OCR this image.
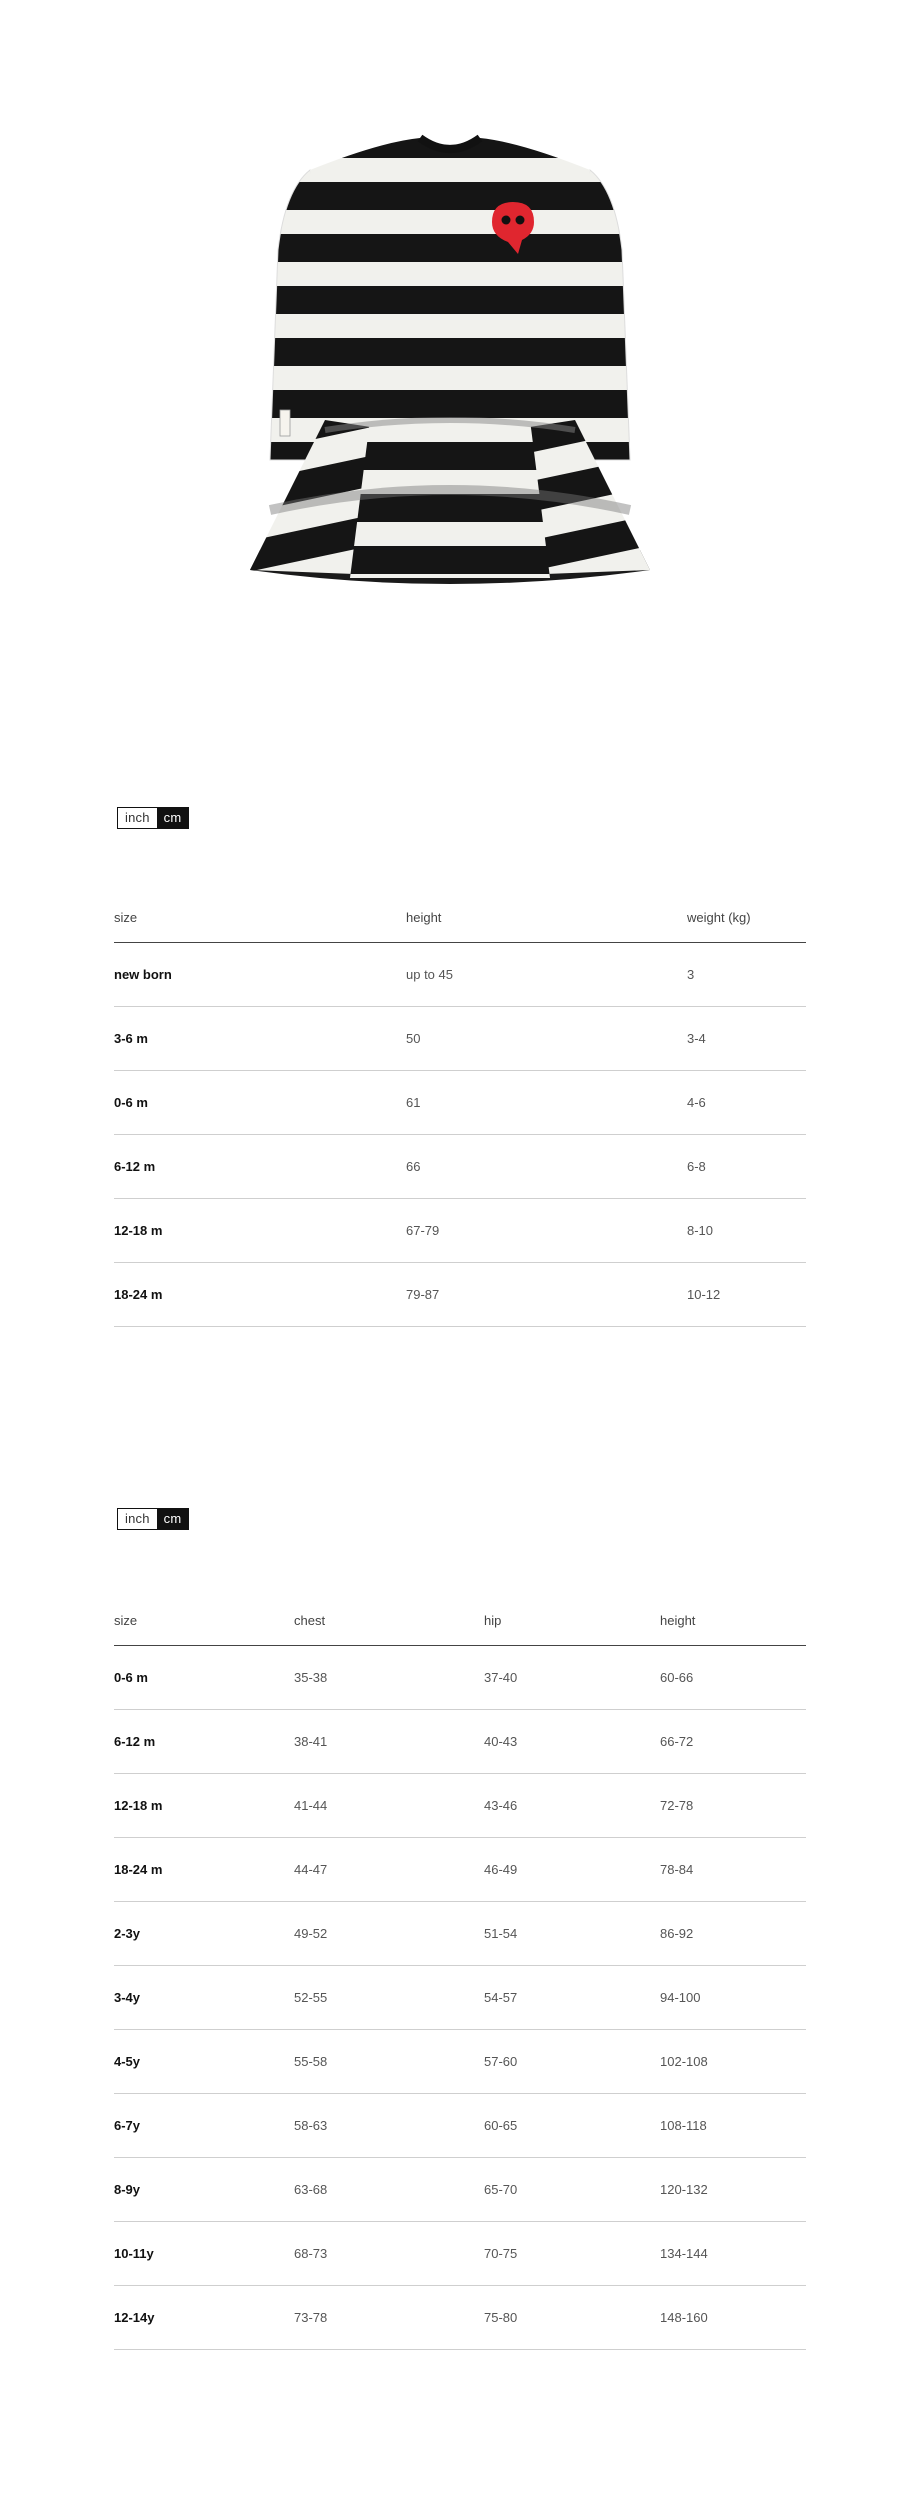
inch	cm
size	height	weight (kg)
new born	up to 45	3
3-6 m	50	3-4
0-6 m	61	4-6
6-12 m	66	6-8
12-18 m	67-79	8-10
18-24 m	79-87	10-12
inch	cm
size	chest	hip	height
0-6 m	35-38	37-40	60-66
6-12 m	38-41	40-43	66-72
12-18 m	41-44	43-46	72-78
18-24 m	44-47	46-49	78-84
2-3y	49-52	51-54	86-92
3-4y	52-55	54-57	94-100
4-5y	55-58	57-60	102-108
6-7y	58-63	60-65	108-118
8-9y	63-68	65-70	120-132
10-11y	68-73	70-75	134-144
12-14y	73-78	75-80	148-160
